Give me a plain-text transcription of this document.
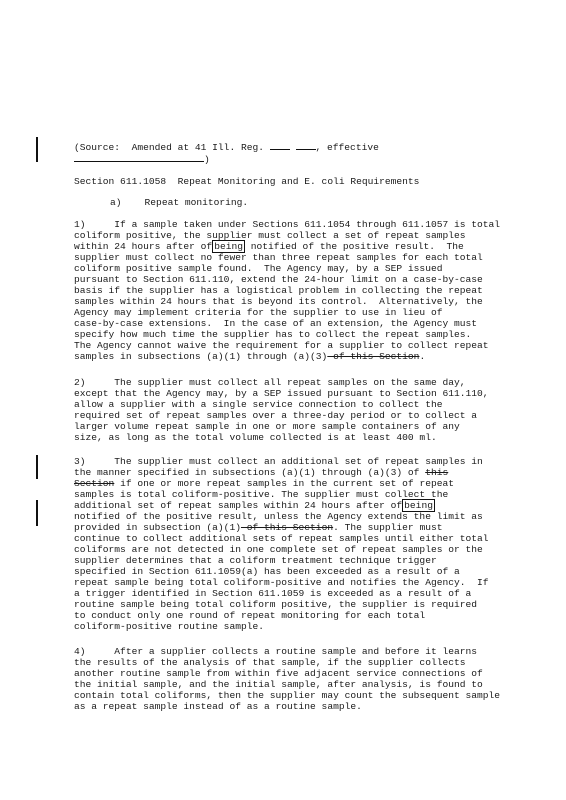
(Source:  Amended at 41 Ill. Reg.	, effective
)
Section 611.1058  Repeat Monitoring and E. coli Requirements
a)    Repeat monitoring.
1)     If a sample taken under Sections 611.1054 through 611.1057 is total
coliform positive, the supplier must collect a set of repeat samples
within 24 hours after of being notified of the positive result.  The
supplier must collect no fewer than three repeat samples for each total
coliform positive sample found.  The Agency may, by a SEP issued
pursuant to Section 611.110, extend the 24-hour limit on a case-by-case
basis if the supplier has a logistical problem in collecting the repeat
samples within 24 hours that is beyond its control.  Alternatively, the
Agency may implement criteria for the supplier to use in lieu of
case-by-case extensions.  In the case of an extension, the Agency must
specify how much time the supplier has to collect the repeat samples.
The Agency cannot waive the requirement for a supplier to collect repeat
samples in subsections (a)(1) through (a)(3) of this Section.
2)     The supplier must collect all repeat samples on the same day,
except that the Agency may, by a SEP issued pursuant to Section 611.110,
allow a supplier with a single service connection to collect the
required set of repeat samples over a three-day period or to collect a
larger volume repeat sample in one or more sample containers of any
size, as long as the total volume collected is at least 400 ml.
3)     The supplier must collect an additional set of repeat samples in
the manner specified in subsections (a)(1) through (a)(3) of this
Section if one or more repeat samples in the current set of repeat
samples is total coliform-positive. The supplier must collect the
additional set of repeat samples within 24 hours after of being
notified of the positive result, unless the Agency extends the limit as
provided in subsection (a)(1) of this Section. The supplier must
continue to collect additional sets of repeat samples until either total
coliforms are not detected in one complete set of repeat samples or the
supplier determines that a coliform treatment technique trigger
specified in Section 611.1059(a) has been exceeded as a result of a
repeat sample being total coliform-positive and notifies the Agency.  If
a trigger identified in Section 611.1059 is exceeded as a result of a
routine sample being total coliform positive, the supplier is required
to conduct only one round of repeat monitoring for each total
coliform-positive routine sample.
4)     After a supplier collects a routine sample and before it learns
the results of the analysis of that sample, if the supplier collects
another routine sample from within five adjacent service connections of
the initial sample, and the initial sample, after analysis, is found to
contain total coliforms, then the supplier may count the subsequent sample
as a repeat sample instead of as a routine sample.
